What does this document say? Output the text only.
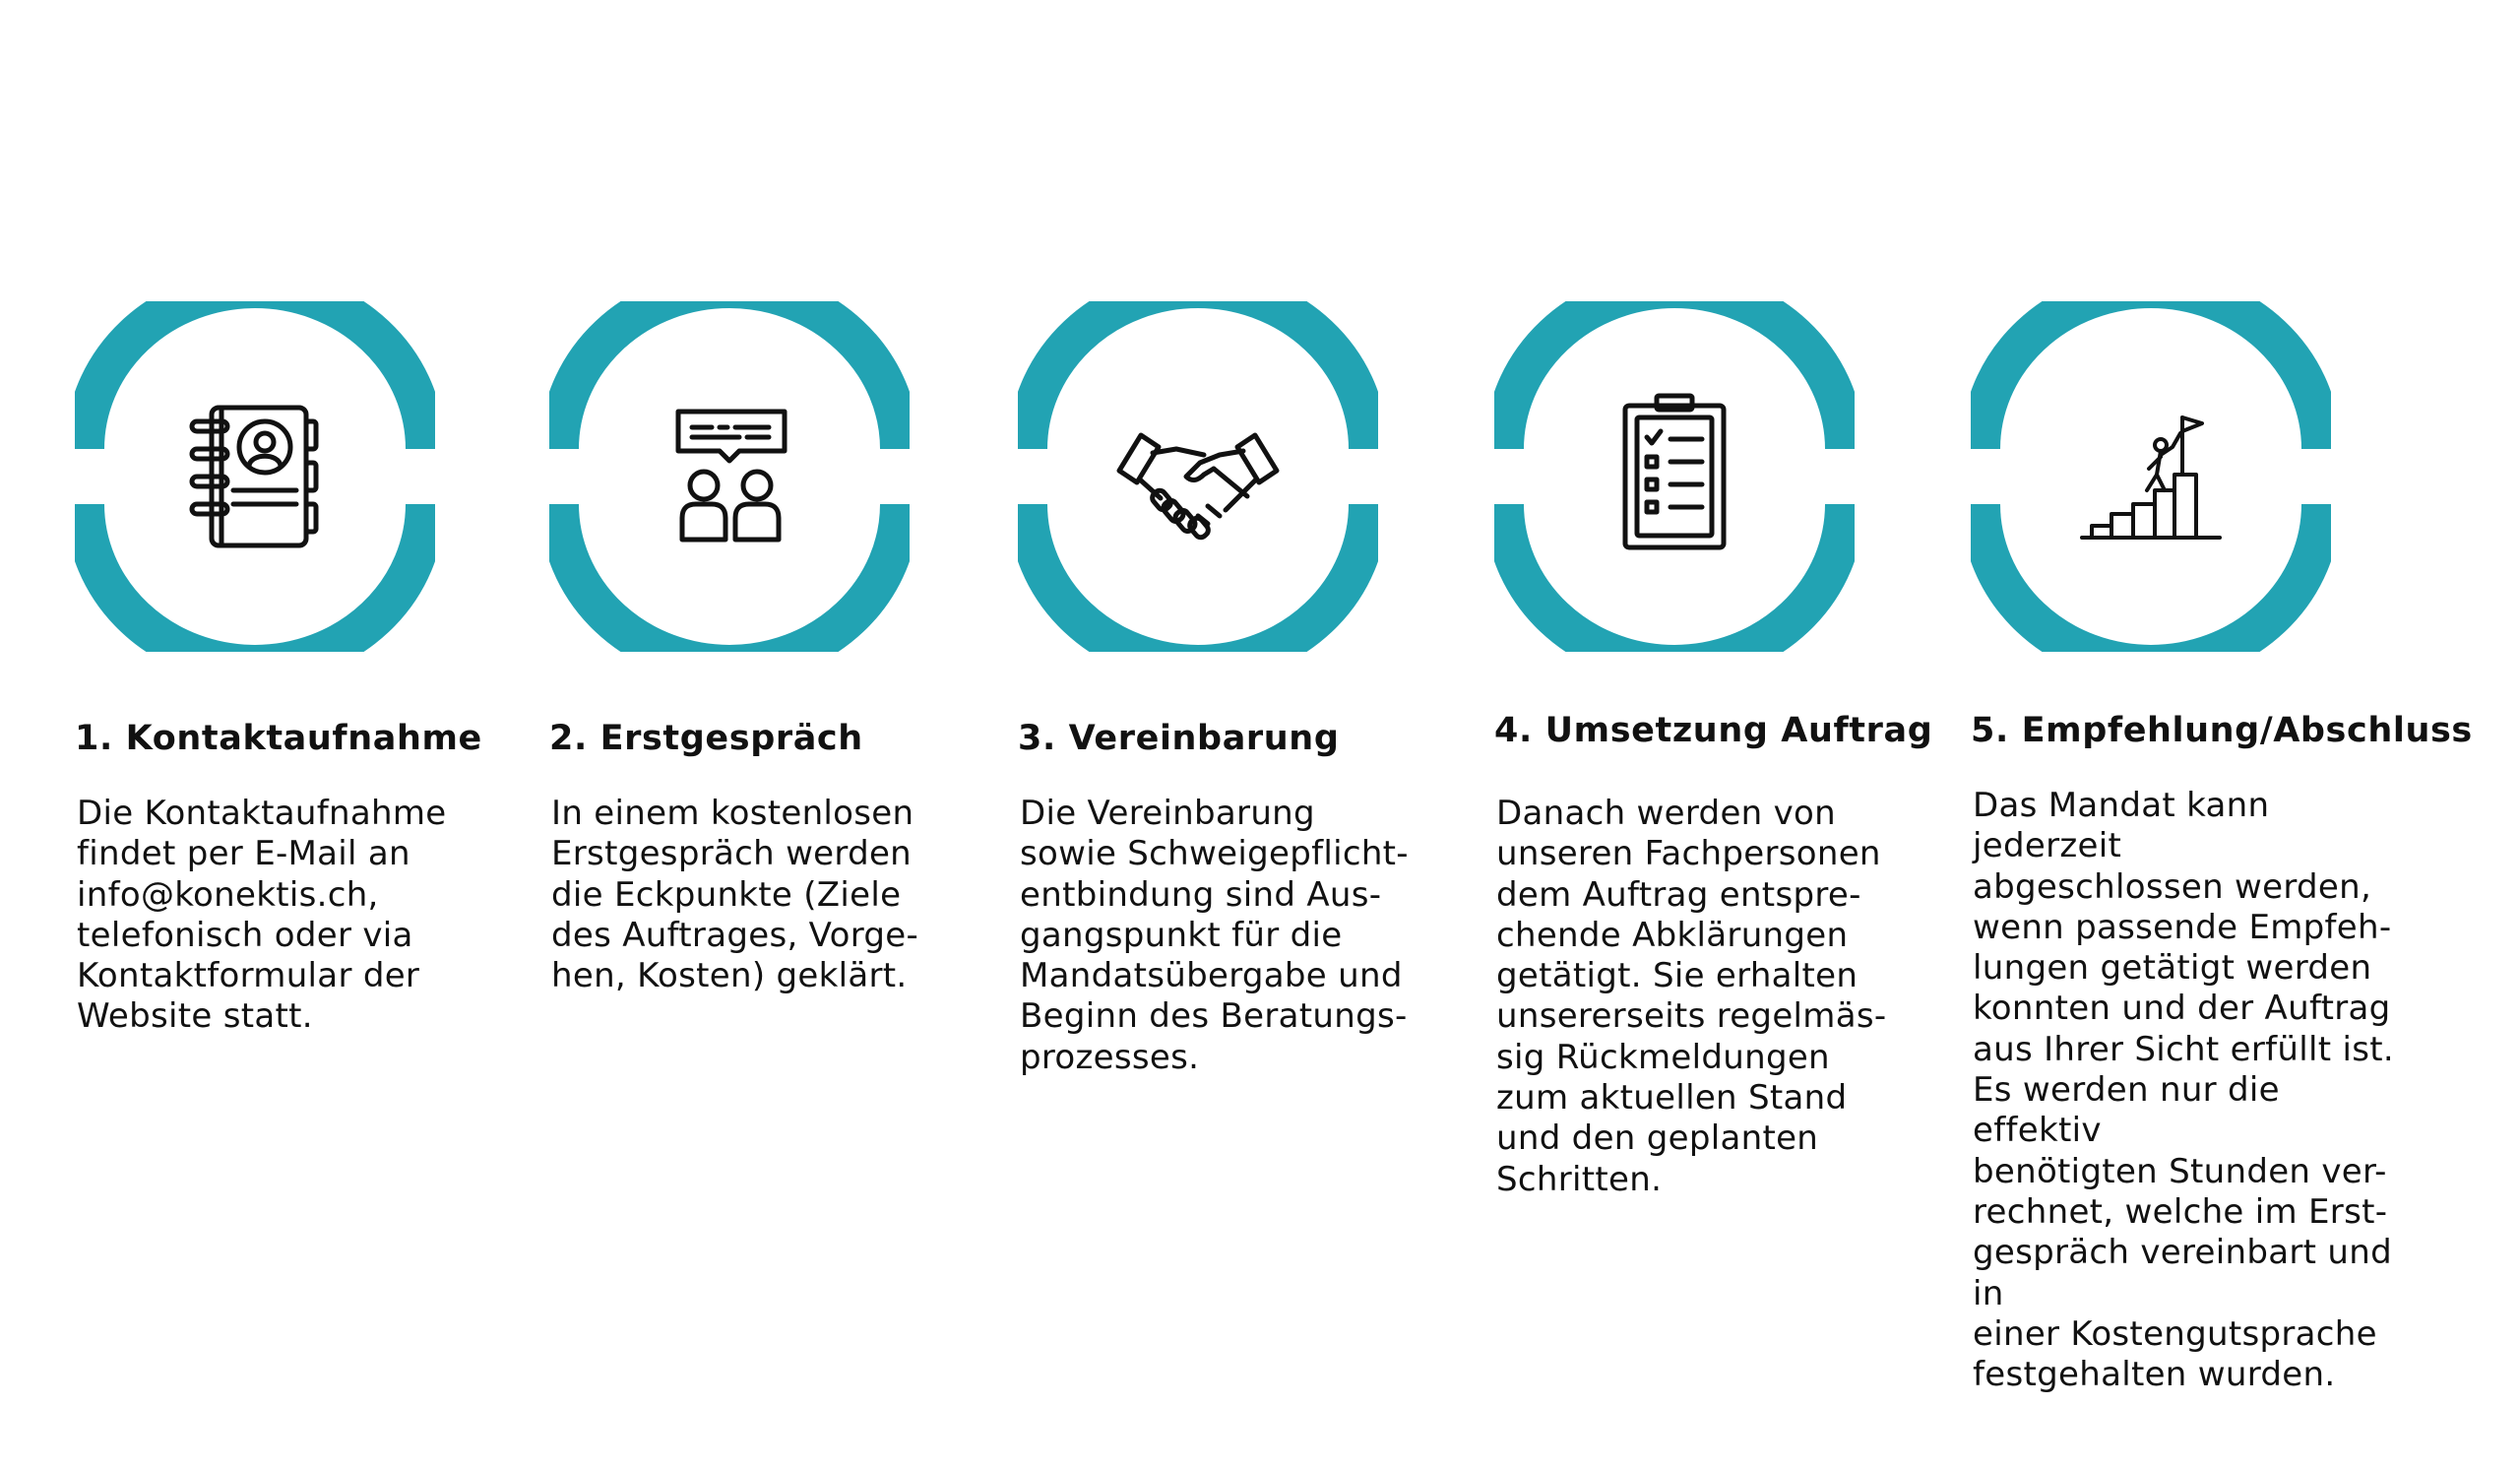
1. Kontaktaufnahme
Die Kontaktaufnahme
findet per E-Mail an
info@konektis.ch,
telefonisch oder via
Kontaktformular der
Website statt.
2. Erstgespräch
In einem kostenlosen
Erstgespräch werden
die Eckpunkte (Ziele
des Auftrages, Vorge-
hen, Kosten) geklärt.
3. Vereinbarung
Die Vereinbarung
sowie Schweigepflicht-
entbindung sind Aus-
gangspunkt für die
Mandatsübergabe und
Beginn des Beratungs-
prozesses.
4. Umsetzung Auftrag
Danach werden von
unseren Fachpersonen
dem Auftrag entspre-
chende Abklärungen
getätigt. Sie erhalten
unsererseits regelmäs-
sig Rückmeldungen
zum aktuellen Stand
und den geplanten
Schritten.
5. Empfehlung/Abschluss
Das Mandat kann jederzeit
abgeschlossen werden,
wenn passende Empfeh-
lungen getätigt werden
konnten und der Auftrag
aus Ihrer Sicht erfüllt ist.
Es werden nur die effektiv
benötigten Stunden ver-
rechnet, welche im Erst-
gespräch vereinbart und in
einer Kostengutsprache
festgehalten wurden.
